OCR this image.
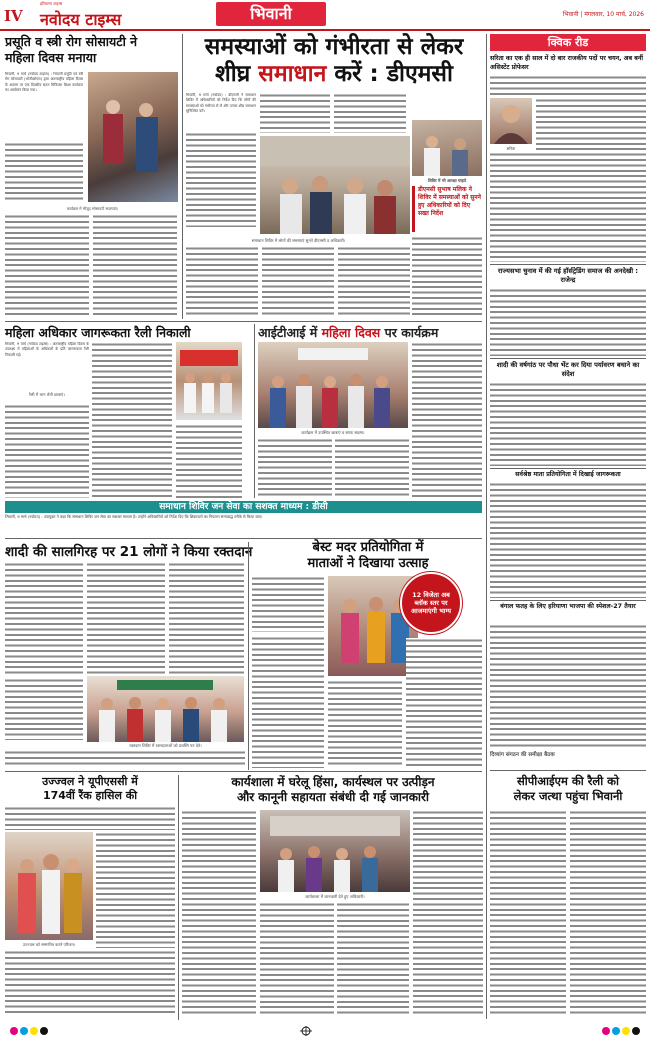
IV
हरियाणा टाइम्स
नवोदय टाइम्स	भिवानी	भिवानी | मंगलवार, 10 मार्च, 2026
प्रसूति व स्त्री रोग सोसायटी ने महिला दिवस मनाया
भिवानी, 9 मार्च (नवोदय टाइम्स) : भिवानी प्रसूति एवं स्त्री रोग सोसायटी (भोजीओएस) द्वारा अंतरराष्ट्रीय महिला दिवस के अवसर पर एक दिवसीय सतत चिकित्सा शिक्षा कार्यक्रम का आयोजन किया गया।
कार्यक्रम में मौजूद सोसायटी सदस्याएं।
समस्याओं को गंभीरता से लेकर
शीघ्र समाधान करें : डीएमसी
भिवानी, 9 मार्च (नवोदय) : डीएमसी ने समाधान शिविर में अधिकारियों को निर्देश दिए कि लोगों की समस्याओं को गंभीरता से लें और उनका शीघ्र समाधान सुनिश्चित करें।
शिविर में भी आरक्षा चाहते
डीएमसी सुभाष मलिक ने शिविर में समस्याओं को सुनने हुए अधिकारियों को दिए सख्त निर्देश
समाधान शिविर में लोगों की समस्याएं सुनते डीएमसी व अधिकारी।
क्विक रीड
सरिता का एक ही साल में दो बार राजकीय पदों पर चयन, अब बनीं असिस्टेंट प्रोफेसर
सरिता
राज्यसभा चुनाव में की गई हॉर्सट्रेडिंग समाज की अनदेखी : राजेन्द्र
शादी की वर्षगांठ पर पौधा भेंट कर दिया पर्यावरण बचाने का संदेश
सर्वश्रेष्ठ माता प्रतियोगिता में दिखाई जागरूकता
बंगाल फतह के लिए हरियाणा भाजपा की स्पेशल-27 तैयार
दिव्यांग संगठन की समीक्षा बैठक
महिला अधिकार जागरूकता रैली निकाली
भिवानी, 9 मार्च (नवोदय टाइम्स) : अंतरराष्ट्रीय महिला दिवस के उपलक्ष्य में महिलाओं के अधिकारों के प्रति जागरूकता रैली निकाली गई।
रैली में भाग लेती छात्राएं।
आईटीआई में महिला दिवस पर कार्यक्रम
कार्यक्रम में उपस्थित छात्राएं व स्टाफ सदस्य।
समाधान शिविर जन सेवा का सशक्त माध्यम : डीसी
भिवानी, 9 मार्च (नवोदय) : उपायुक्त ने कहा कि समाधान शिविर जन सेवा का सशक्त माध्यम है। उन्होंने अधिकारियों को निर्देश दिए कि शिकायतों का निपटारा समयबद्ध तरीके से किया जाए।
शादी की सालगिरह पर 21 लोगों ने किया रक्तदान
रक्तदान शिविर में रक्तदाताओं को प्रशस्ति पत्र देते।
बेस्ट मदर प्रतियोगिता में
माताओं ने दिखाया उत्साह
12 विजेता अब ब्लॉक स्तर पर आजमाएंगी भाग्य
उज्ज्वल ने यूपीएससी में
174वीं रैंक हासिल की
उज्ज्वल को सम्मानित करते परिजन।
कार्यशाला में घरेलू हिंसा, कार्यस्थल पर उत्पीड़न
और कानूनी सहायता संबंधी दी गई जानकारी
कार्यशाला में जानकारी देते हुए अधिकारी।
सीपीआईएम की रैली को
लेकर जत्था पहुंचा भिवानी
